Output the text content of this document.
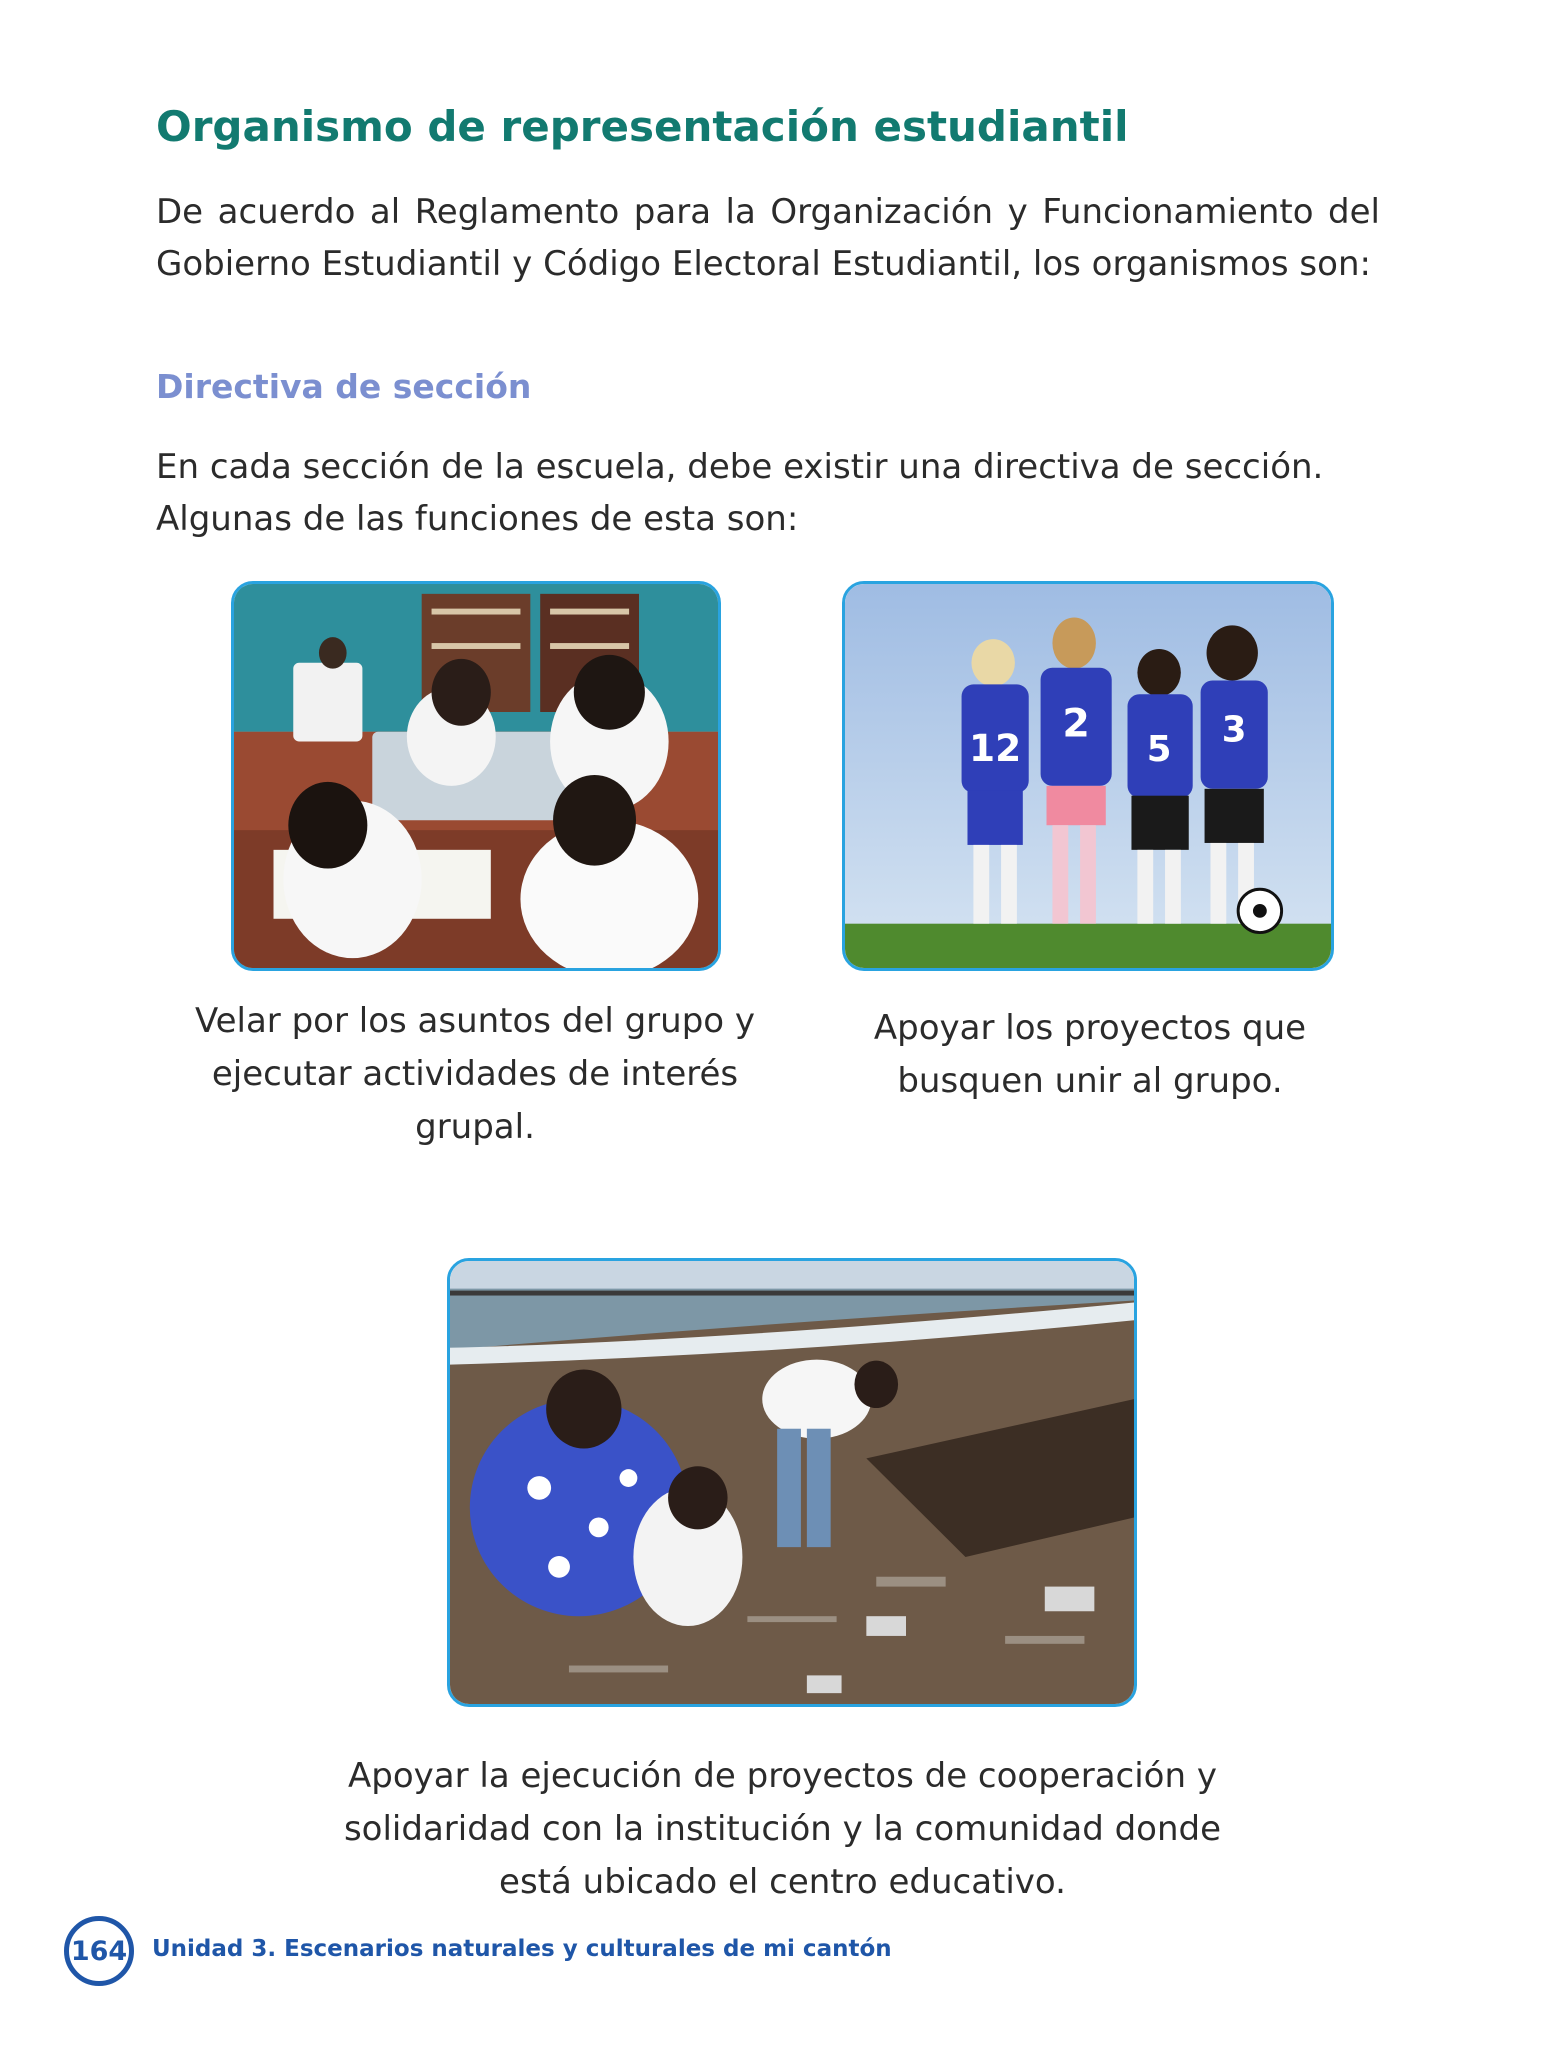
Organismo de representación estudiantil

De acuerdo al Reglamento para la Organización y Funcionamiento del Gobierno Estudiantil y Código Electoral Estudiantil, los organismos son:

Directiva de sección

En cada sección de la escuela, debe existir una directiva de sección. Algunas de las funciones de esta son:

12
2
5 3

Velar por los asuntos del grupo y ejecutar actividades de interés grupal.

Apoyar los proyectos que busquen unir al grupo.

Apoyar la ejecución de proyectos de cooperación y solidaridad con la institución y la comunidad donde está ubicado el centro educativo.

164 Unidad 3. Escenarios naturales y culturales de mi cantón
